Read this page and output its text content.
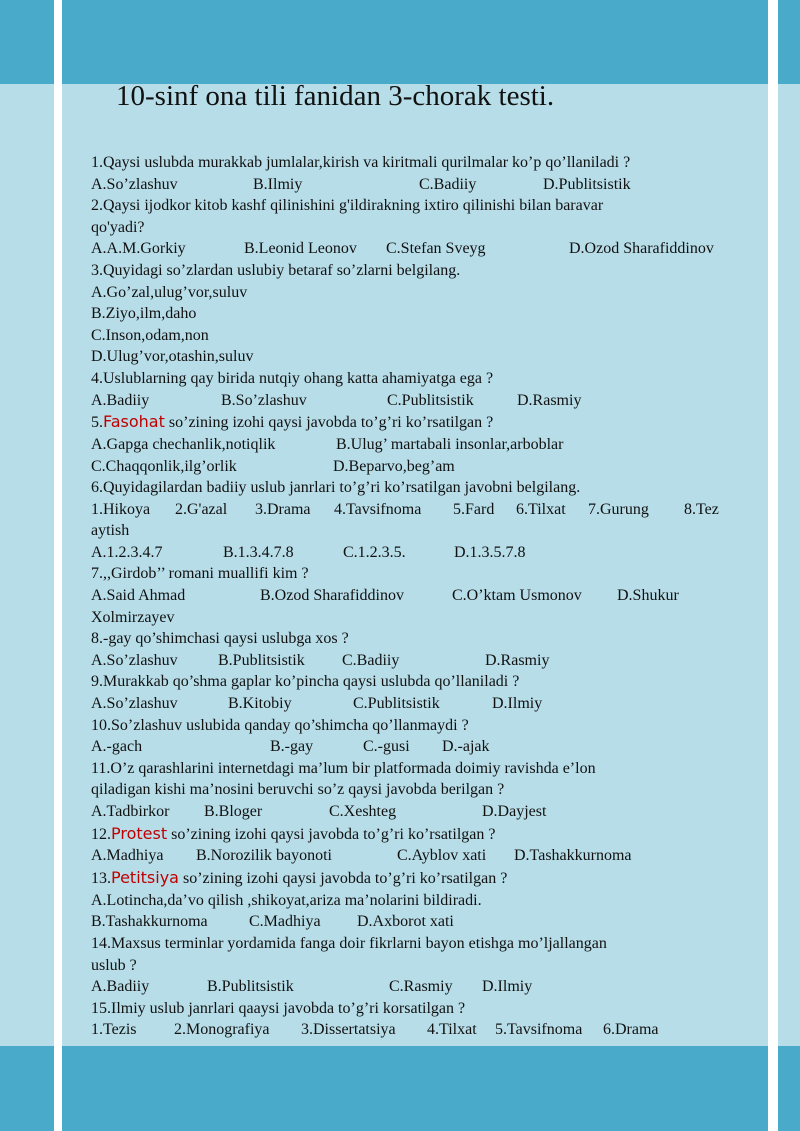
10-sinf ona tili fanidan 3-chorak testi.
1.Qaysi uslubda murakkab jumlalar,kirish va kiritmali qurilmalar ko’p qo’llaniladi ?
A.So’zlashuv	B.Ilmiy	C.Badiiy	D.Publitsistik
2.Qaysi ijodkor kitob kashf qilinishini g'ildirakning ixtiro qilinishi bilan baravar
qo'yadi?
A.A.M.Gorkiy	B.Leonid Leonov C.Stefan Sveyg	D.Ozod Sharafiddinov
3.Quyidagi so’zlardan uslubiy betaraf so’zlarni belgilang.
A.Go’zal,ulug’vor,suluv
B.Ziyo,ilm,daho
C.Inson,odam,non
D.Ulug’vor,otashin,suluv
4.Uslublarning qay birida nutqiy ohang katta ahamiyatga ega ?
A.Badiiy	B.So’zlashuv	C.Publitsistik	D.Rasmiy
5.Fasohat so’zining izohi qaysi javobda to’g’ri ko’rsatilgan ?
A.Gapga chechanlik,notiqlik	B.Ulug’ martabali insonlar,arboblar
C.Chaqqonlik,ilg’orlik	D.Beparvo,beg’am
6.Quyidagilardan badiiy uslub janrlari to’g’ri ko’rsatilgan javobni belgilang.
1.Hikoya 2.G'azal 3.Drama 4.Tavsifnoma 5.Fard 6.Tilxat 7.Gurung 8.Tez
aytish
A.1.2.3.4.7	B.1.3.4.7.8	C.1.2.3.5.	D.1.3.5.7.8
7.,,Girdob’’ romani muallifi kim ?
A.Said Ahmad	B.Ozod Sharafiddinov	C.O’ktam Usmonov D.Shukur
Xolmirzayev
8.-gay qo’shimchasi qaysi uslubga xos ?
A.So’zlashuv	B.Publitsistik C.Badiiy	D.Rasmiy
9.Murakkab qo’shma gaplar ko’pincha qaysi uslubda qo’llaniladi ?
A.So’zlashuv	B.Kitobiy	C.Publitsistik	D.Ilmiy
10.So’zlashuv uslubida qanday qo’shimcha qo’llanmaydi ?
A.-gach	B.-gay	C.-gusi D.-ajak
11.O’z qarashlarini internetdagi ma’lum bir platformada doimiy ravishda e’lon
qiladigan kishi ma’nosini beruvchi so’z qaysi javobda berilgan ?
A.Tadbirkor B.Bloger	C.Xeshteg	D.Dayjest
12.Protest so’zining izohi qaysi javobda to’g’ri ko’rsatilgan ?
A.Madhiya B.Norozilik bayonoti	C.Ayblov xati D.Tashakkurnoma
13.Petitsiya so’zining izohi qaysi javobda to’g’ri ko’rsatilgan ?
A.Lotincha,da’vo qilish ,shikoyat,ariza ma’nolarini bildiradi.
B.Tashakkurnoma	C.Madhiya D.Axborot xati
14.Maxsus terminlar yordamida fanga doir fikrlarni bayon etishga mo’ljallangan
uslub ?
A.Badiiy	B.Publitsistik	C.Rasmiy D.Ilmiy
15.Ilmiy uslub janrlari qaaysi javobda to’g’ri korsatilgan ?
1.Tezis 2.Monografiya 3.Dissertatsiya 4.Tilxat 5.Tavsifnoma 6.Drama
